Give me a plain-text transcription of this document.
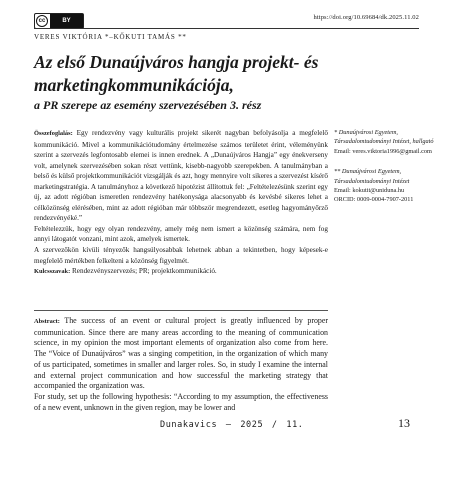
cc	BY	https://doi.org/10.69684/dk.2025.11.02
VERES VIKTÓRIA *–KŐKUTI TAMÁS **
Az első Dunaújváros hangja projekt- és
marketingkommunikációja,
a PR szerepe az esemény szervezésében 3. rész

Összefoglalás: Egy rendezvény vagy kulturális projekt sikerét nagyban befolyásolja a megfelelő kommunikáció. Mivel a kommunikációtudomány értelmezése számos területet érint, véleményünk szerint a szervezés legfontosabb elemei is innen erednek. A „Dunaújváros Hangja” egy énekverseny volt, amelynek szervezésében sokan részt vettünk, kisebb-nagyobb szerepekben. A tanulmányban a belső és külső projektkommunikációt vizsgálják és azt, hogy mennyire volt sikeres a szervezést kísérő marketingstratégia. A tanulmányhoz a következő hipotézist állítottuk fel: „Feltételezésünk szerint egy új, az adott régióban ismeretlen rendezvény hatékonysága alacsonyabb és kevésbé sikeres lehet a célközönség elérésében, mint az adott régióban már többször megrendezett, esetleg hagyományőrző rendezvényéké.”

Feltételezzük, hogy egy olyan rendezvény, amely még nem ismert a közönség számára, nem fog annyi látogatót vonzani, mint azok, amelyek ismertek.

A szervezőkön kívüli tényezők hangsúlyosabbak lehetnek abban a tekintetben, hogy képesek-e megfelelő mértékben felkelteni a közönség figyelmét.

Kulcsszavak: Rendezvényszervezés; PR; projektkommunikáció.

* Dunaújvárosi Egyetem, Társadalomtudományi Intézet, hallgató
Email: veres.viktoria1996@gmail.com
** Dunaújvárosi Egyetem, Társadalomtudományi Intézet
Email: kokutit@uniduna.hu
ORCID: 0009-0004-7907-2011

Abstract: The success of an event or cultural project is greatly influenced by proper communication. Since there are many areas according to the meaning of communication science, in my opinion the most important elements of organization also come from here. The “Voice of Dunaújváros” was a singing competition, in the organization of which many of us participated, sometimes in smaller and larger roles. So, in study I examine the internal and external project communication and how successful the marketing strategy that accompanied the organization was.

For study, set up the following hypothesis: “According to my assumption, the effectiveness of a new event, unknown in the given region, may be lower and

Dunakavics – 2025 / 11.	13
